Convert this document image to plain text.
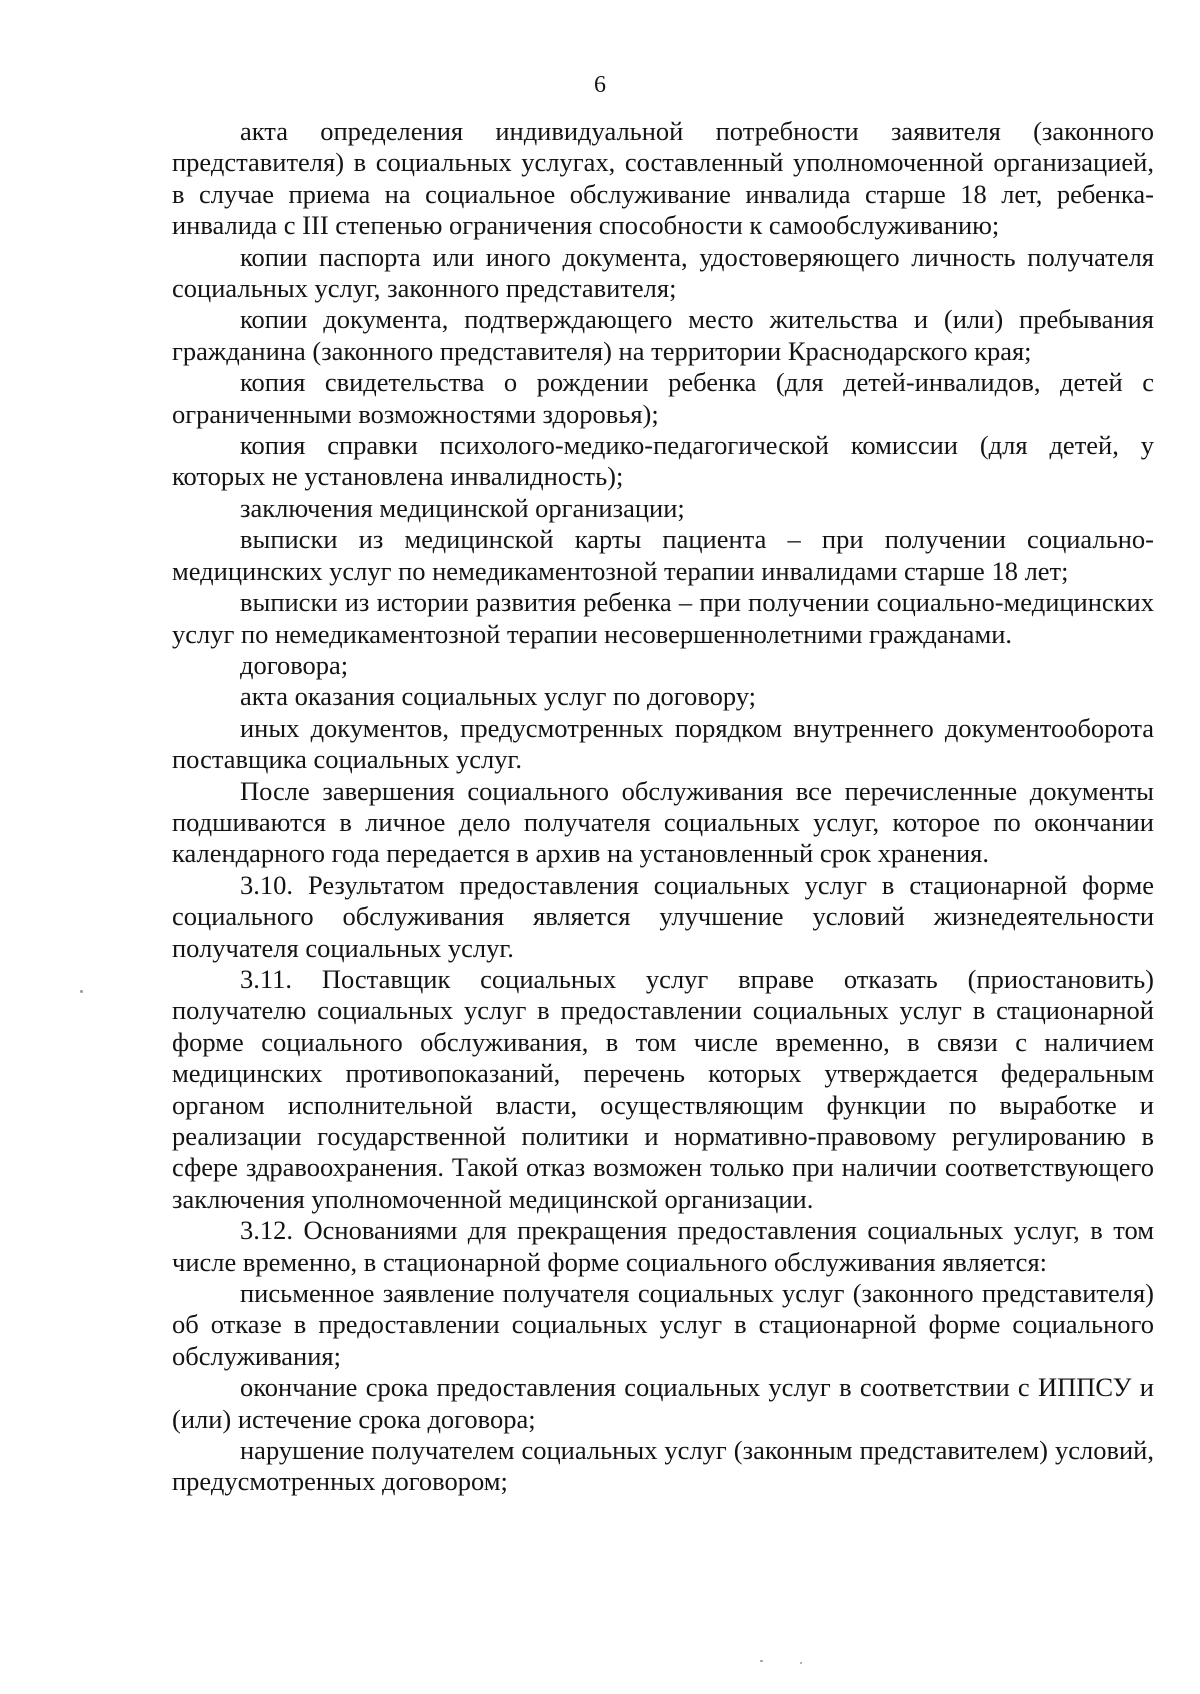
6

акта определения индивидуальной потребности заявителя (законного представителя) в социальных услугах, составленный уполномоченной организацией, в случае приема на социальное обслуживание инвалида старше 18 лет, ребенка-инвалида с III степенью ограничения способности к самообслуживанию;

копии паспорта или иного документа, удостоверяющего личность получателя социальных услуг, законного представителя;

копии документа, подтверждающего место жительства и (или) пребывания гражданина (законного представителя) на территории Краснодарского края;

копия свидетельства о рождении ребенка (для детей-инвалидов, детей с ограниченными возможностями здоровья);

копия справки психолого-медико-педагогической комиссии (для детей, у которых не установлена инвалидность);

заключения медицинской организации;

выписки из медицинской карты пациента – при получении социально-медицинских услуг по немедикаментозной терапии инвалидами старше 18 лет;

выписки из истории развития ребенка – при получении социально-медицинских услуг по немедикаментозной терапии несовершеннолетними гражданами.

договора;

акта оказания социальных услуг по договору;

иных документов, предусмотренных порядком внутреннего документооборота поставщика социальных услуг.

После завершения социального обслуживания все перечисленные документы подшиваются в личное дело получателя социальных услуг, которое по окончании календарного года передается в архив на установленный срок хранения.

3.10. Результатом предоставления социальных услуг в стационарной форме социального обслуживания является улучшение условий жизнедеятельности получателя социальных услуг.

3.11. Поставщик социальных услуг вправе отказать (приостановить) получателю социальных услуг в предоставлении социальных услуг в стационарной форме социального обслуживания, в том числе временно, в связи с наличием медицинских противопоказаний, перечень которых утверждается федеральным органом исполнительной власти, осуществляющим функции по выработке и реализации государственной политики и нормативно-правовому регулированию в сфере здравоохранения. Такой отказ возможен только при наличии соответствующего заключения уполномоченной медицинской организации.

3.12. Основаниями для прекращения предоставления социальных услуг, в том числе временно, в стационарной форме социального обслуживания является:

письменное заявление получателя социальных услуг (законного представителя) об отказе в предоставлении социальных услуг в стационарной форме социального обслуживания;

окончание срока предоставления социальных услуг в соответствии с ИППСУ и (или) истечение срока договора;

нарушение получателем социальных услуг (законным представителем) условий, предусмотренных договором;
